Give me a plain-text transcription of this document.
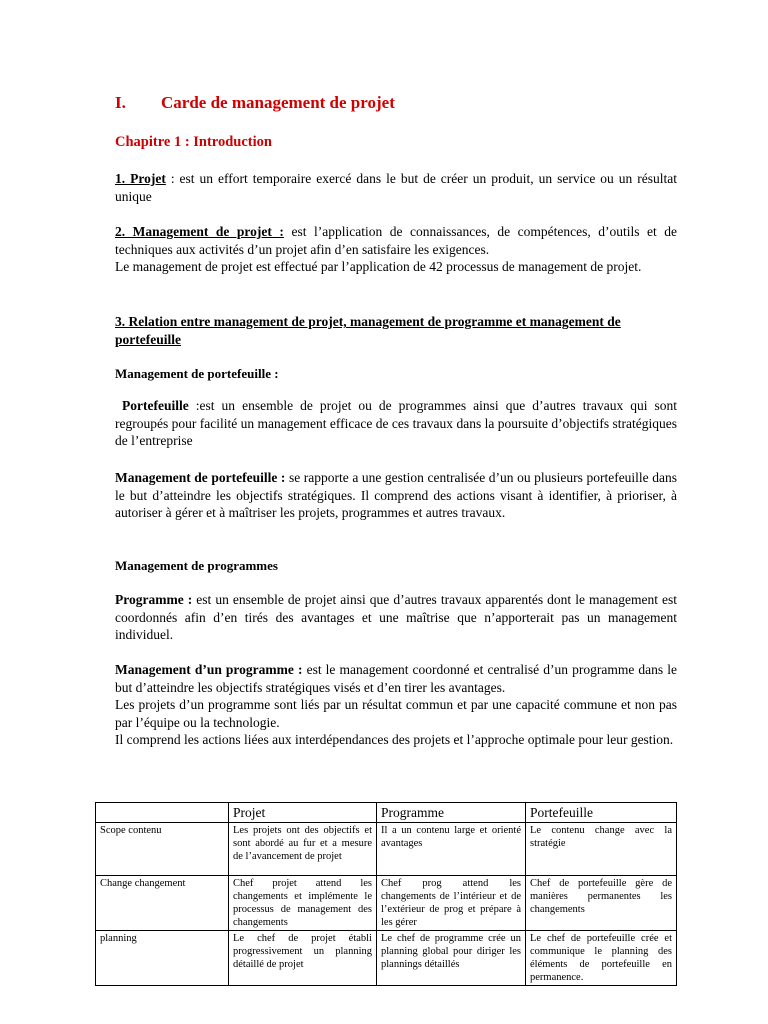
I. Carde de management de projet
Chapitre 1 : Introduction
1. Projet : est un effort temporaire exercé dans le but de créer un produit, un service ou un résultat unique
2. Management de projet : est l’application de connaissances, de compétences, d’outils et de techniques aux activités d’un projet afin d’en satisfaire les exigences.
Le management de projet est effectué par l’application de 42 processus de management de projet.
3. Relation entre management de projet, management de programme et management de portefeuille
Management de portefeuille :
Portefeuille :est un ensemble de projet ou de programmes ainsi que d’autres travaux qui sont regroupés pour facilité un management efficace de ces travaux dans la poursuite d’objectifs stratégiques de l’entreprise
Management de portefeuille : se rapporte a une gestion centralisée d’un ou plusieurs portefeuille dans le but d’atteindre les objectifs stratégiques. Il comprend des actions visant à identifier, à prioriser, à autoriser à gérer et à maîtriser les projets, programmes et autres travaux.
Management de programmes
Programme : est un ensemble de projet ainsi que d’autres travaux apparentés dont le management est coordonnés afin d’en tirés des avantages et une maîtrise que n’apporterait pas un management individuel.
Management d’un programme : est le management coordonné et centralisé d’un programme dans le but d’atteindre les objectifs stratégiques visés et d’en tirer les avantages.
Les projets d’un programme sont liés par un résultat commun et par une capacité commune et non pas par l’équipe ou la technologie.
Il comprend les actions liées aux interdépendances des projets et l’approche optimale pour leur gestion.
	Projet	Programme	Portefeuille
Scope contenu	Les projets ont des objectifs et sont abordé au fur et a mesure de l’avancement de projet	Il a un contenu large et orienté avantages	Le contenu change avec la stratégie
Change changement	Chef projet attend les changements et implémente le processus de management des changements	Chef prog attend les changements de l’intérieur et de l’extérieur de prog et prépare à les gérer	Chef de portefeuille gère de manières permanentes les changements
planning	Le chef de projet établi progressivement un planning détaillé de projet	Le chef de programme crée un planning global pour diriger les plannings détaillés	Le chef de portefeuille crée et communique le planning des éléments de portefeuille en permanence.
